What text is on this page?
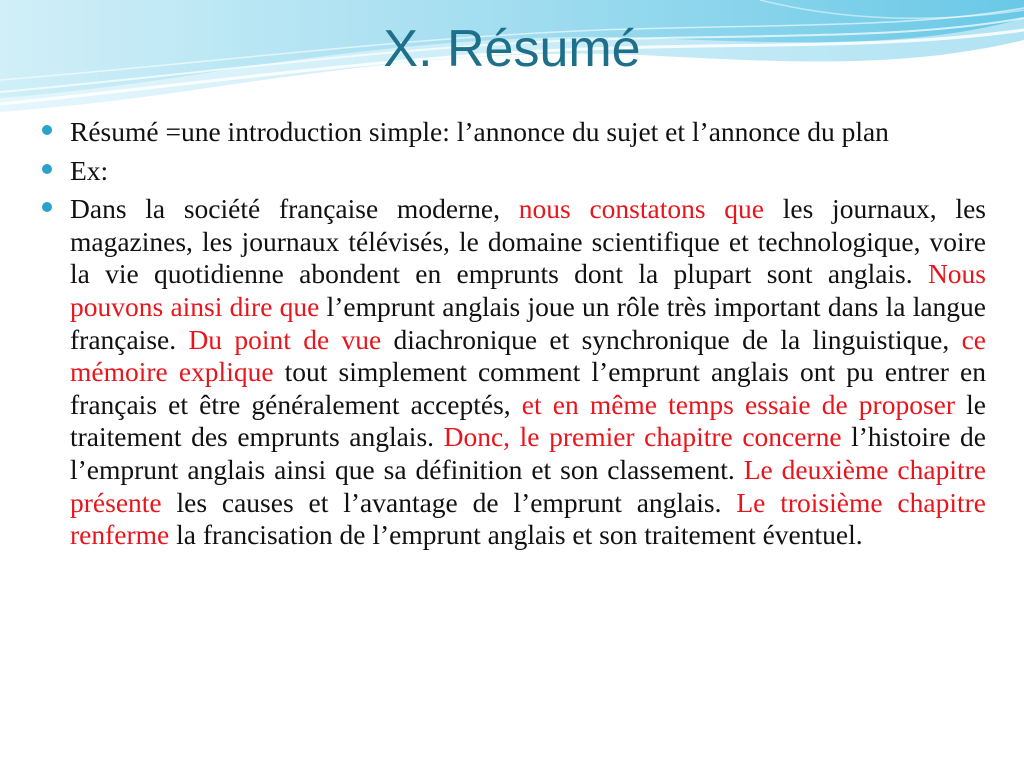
X. Résumé
Résumé =une introduction simple: l’annonce du sujet et l’annonce du plan
Ex:
Dans la société française moderne, nous constatons que les journaux, les magazines, les journaux télévisés, le domaine scientifique et technologique, voire la vie quotidienne abondent en emprunts dont la plupart sont anglais. Nous pouvons ainsi dire que l’emprunt anglais joue un rôle très important dans la langue française. Du point de vue diachronique et synchronique de la linguistique, ce mémoire explique tout simplement comment l’emprunt anglais ont pu entrer en français et être généralement acceptés, et en même temps essaie de proposer le traitement des emprunts anglais. Donc, le premier chapitre concerne l’histoire de l’emprunt anglais ainsi que sa définition et son classement. Le deuxième chapitre présente les causes et l’avantage de l’emprunt anglais. Le troisième chapitre renferme la francisation de l’emprunt anglais et son traitement éventuel.
